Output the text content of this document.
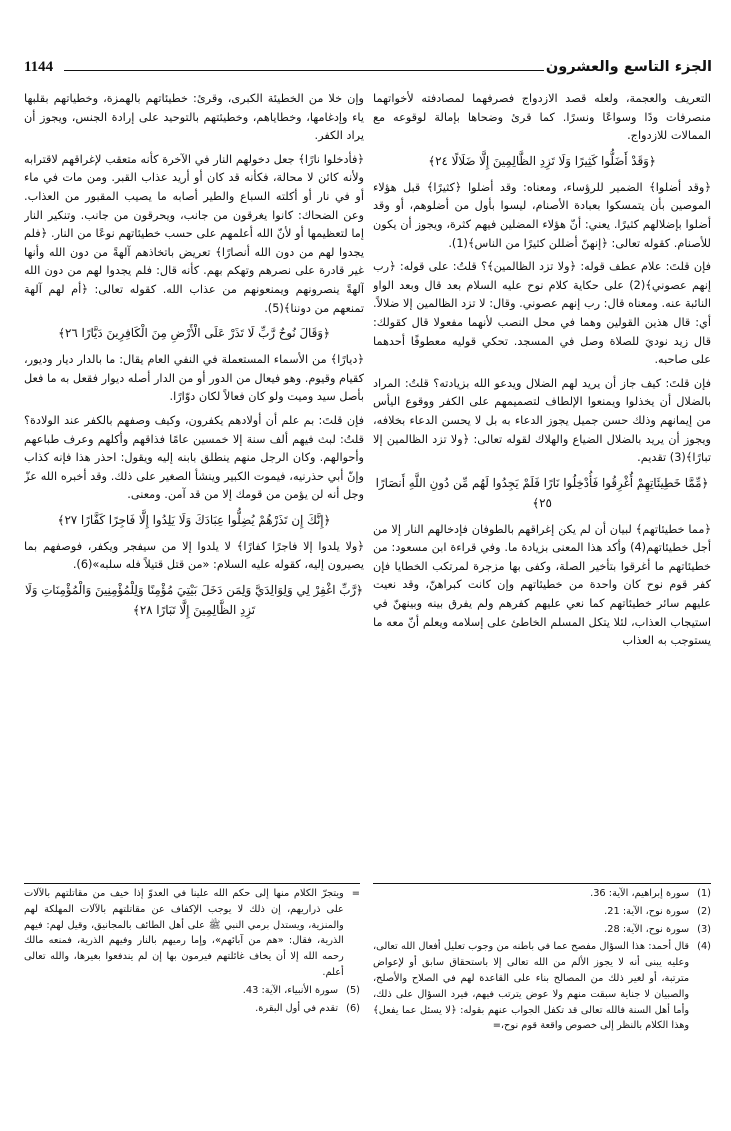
الجزء التاسع والعشرون
1144

التعريف والعجمة، ولعله قصد الازدواج فصرفهما لمصادفته لأخواتهما منصرفات ودًا وسواعًا ونسرًا. كما قرئ وضحاها بإمالة لوقوعه مع الممالات للازدواج.

﴿وَقَدْ أَضَلُّوا كَثِيرًا وَلَا تَزِدِ الظَّالِمِينَ إِلَّا ضَلَالًا ٢٤﴾

﴿وقد أضلوا﴾ الضمير للرؤساء، ومعناه: وقد أضلوا ﴿كثيرًا﴾ قبل هؤلاء الموصين بأن يتمسكوا بعبادة الأصنام، ليسوا بأول من أضلوهم، أو وقد أضلوا بإضلالهم كثيرًا. يعني: أنّ هؤلاء المضلين فيهم كثرة، ويجوز أن يكون للأصنام. كقوله تعالى: ﴿إنهنّ أضللن كثيرًا من الناس﴾(1).

فإن قلتَ: علام عطف قوله: ﴿ولا تزد الظالمين﴾؟ قلتُ: على قوله: ﴿رب إنهم عصوني﴾(2) على حكاية كلام نوح عليه السلام بعد قال وبعد الواو النائبة عنه. ومعناه قال: رب إنهم عصوني. وقال: لا تزد الظالمين إلا ضلالاً. أي: قال هذين القولين وهما في محل النصب لأنهما مفعولا قال كقولك: قال زيد نوديَ للصلاة وصل في المسجد. تحكي قوليه معطوفًا أحدهما على صاحبه.

فإن قلتَ: كيف جاز أن يريد لهم الضلال ويدعو الله بزيادته؟ قلتُ: المراد بالضلال أن يخذلوا ويمنعوا الإلطاف لتصميمهم على الكفر ووقوع اليأس من إيمانهم وذلك حسن جميل يجوز الدعاء به بل لا يحسن الدعاء بخلافه، ويجوز أن يريد بالضلال الضياع والهلاك لقوله تعالى: ﴿ولا تزد الظالمين إلا تبارًا﴾(3) تقديم.

﴿مِّمَّا خَطِيئَاتِهِمْ أُغْرِقُوا فَأُدْخِلُوا نَارًا فَلَمْ يَجِدُوا لَهُم مِّن دُونِ اللَّهِ أَنصَارًا ٢٥﴾

﴿مما خطيئاتهم﴾ لبيان أن لم يكن إغراقهم بالطوفان فإدخالهم النار إلا من أجل خطيئاتهم(4) وأكد هذا المعنى بزيادة ما. وفي قراءة ابن مسعود: من خطيئاتهم ما أغرقوا بتأخير الصلة، وكفى بها مزجرة لمرتكب الخطايا فإن كفر قوم نوح كان واحدة من خطيئاتهم وإن كانت كبراهنّ، وقد نعيت عليهم سائر خطيئاتهم كما نعي عليهم كفرهم ولم يفرق بينه وبينهنّ في استيجاب العذاب، لئلا يتكل المسلم الخاطئ على إسلامه ويعلم أنّ معه ما يستوجب به العذاب

وإن خلا من الخطيئة الكبرى، وقرئ: خطيئاتهم بالهمزة، وخطياتهم بقلبها ياء وإدغامها، وخطاياهم، وخطيئتهم بالتوحيد على إرادة الجنس، ويجوز أن يراد الكفر.

﴿فأدخلوا نارًا﴾ جعل دخولهم النار في الآخرة كأنه متعقب لإغراقهم لاقترابه ولأنه كائن لا محالة، فكأنه قد كان أو أريد عذاب القبر. ومن مات في ماء أو في نار أو أكلته السباع والطير أصابه ما يصيب المقبور من العذاب. وعن الضحاك: كانوا يغرقون من جانب، ويحرقون من جانب. وتنكير النار إما لتعظيمها أو لأنّ الله أعلمهم على حسب خطيئاتهم نوعًا من النار. ﴿فلم يجدوا لهم من دون الله أنصارًا﴾ تعريض باتخاذهم آلهةً من دون الله وأنها غير قادرة على نصرهم وتهكم بهم. كأنه قال: فلم يجدوا لهم من دون الله آلهةً ينصرونهم ويمنعونهم من عذاب الله. كقوله تعالى: ﴿أم لهم آلهة تمنعهم من دوننا﴾(5).

﴿وَقَالَ نُوحٌ رَّبِّ لَا تَذَرْ عَلَى الْأَرْضِ مِنَ الْكَافِرِينَ دَيَّارًا ٢٦﴾

﴿ديارًا﴾ من الأسماء المستعملة في النفي العام يقال: ما بالدار ديار وديور، كقيام وقيوم. وهو فيعال من الدور أو من الدار أصله ديوار فقعل به ما فعل بأصل سيد وميت ولو كان فعالاً لكان دوّارًا.

فإن قلتَ: بم علم أن أولادهم يكفرون، وكيف وصفهم بالكفر عند الولادة؟ قلتُ: لبث فيهم ألف سنة إلا خمسين عامًا فذاقهم وأكلهم وعرف طباعهم وأحوالهم. وكان الرجل منهم ينطلق بابنه إليه ويقول: احذر هذا فإنه كذاب وإنّ أبي حذرنيه، فيموت الكبير وينشأ الصغير على ذلك. وقد أخبره الله عزّ وجل أنه لن يؤمن من قومك إلا من قد آمن. ومعنى.

﴿إِنَّكَ إِن تَذَرْهُمْ يُضِلُّوا عِبَادَكَ وَلَا يَلِدُوا إِلَّا فَاجِرًا كَفَّارًا ٢٧﴾

﴿ولا يلدوا إلا فاجرًا كفارًا﴾ لا يلدوا إلا من سيفجر ويكفر، فوصفهم بما يصيرون إليه، كقوله عليه السلام: «من قتل قتيلاً فله سلبه»(6).

﴿رَّبِّ اغْفِرْ لِي وَلِوَالِدَيَّ وَلِمَن دَخَلَ بَيْتِيَ مُؤْمِنًا وَلِلْمُؤْمِنِينَ وَالْمُؤْمِنَاتِ وَلَا تَزِدِ الظَّالِمِينَ إِلَّا تَبَارًا ٢٨﴾

(1)
سورة إبراهيم، الآية: 36.

(2)
سورة نوح، الآية: 21.

(3)
سورة نوح، الآية: 28.

(4)
قال أحمد: هذا السؤال مفصح عما في باطنه من وجوب تعليل أفعال الله تعالى، وعليه يبنى أنه لا يجوز الألم من الله تعالى إلا باستحقاق سابق أو لإعواض مترتبة، أو لغير ذلك من المصالح بناء على القاعدة لهم في الصلاح والأصلح، والصبيان لا جناية سبقت منهم ولا عوض يترتب فيهم، فيرد السؤال على ذلك، وأما أهل السنة فالله تعالى قد تكفل الجواب عنهم بقوله: ﴿لا يسئل عما يفعل﴾ وهذا الكلام بالنظر إلى خصوص واقعة قوم نوح،=

=
ويتجرّ الكلام منها إلى حكم الله علينا في العدوّ إذا خيف من مقاتلتهم بالآلات على ذراريهم، إن ذلك لا يوجب الإكفاف عن مقاتلتهم بالآلات المهلكة لهم والمنزية، ويستدل برمي النبي ﷺ على أهل الطائف بالمجانيق، وقيل لهم: فيهم الذرية، فقال: «هم من آبائهم»، وإما رميهم بالنار وفيهم الذرية، فمنعه مالك رحمه الله إلا أن يخاف غائلتهم فيرمون بها إن لم يندفعوا بغيرها، والله تعالى أعلم.

(5)
سورة الأنبياء، الآية: 43.

(6)
تقدم في أول البقرة.
